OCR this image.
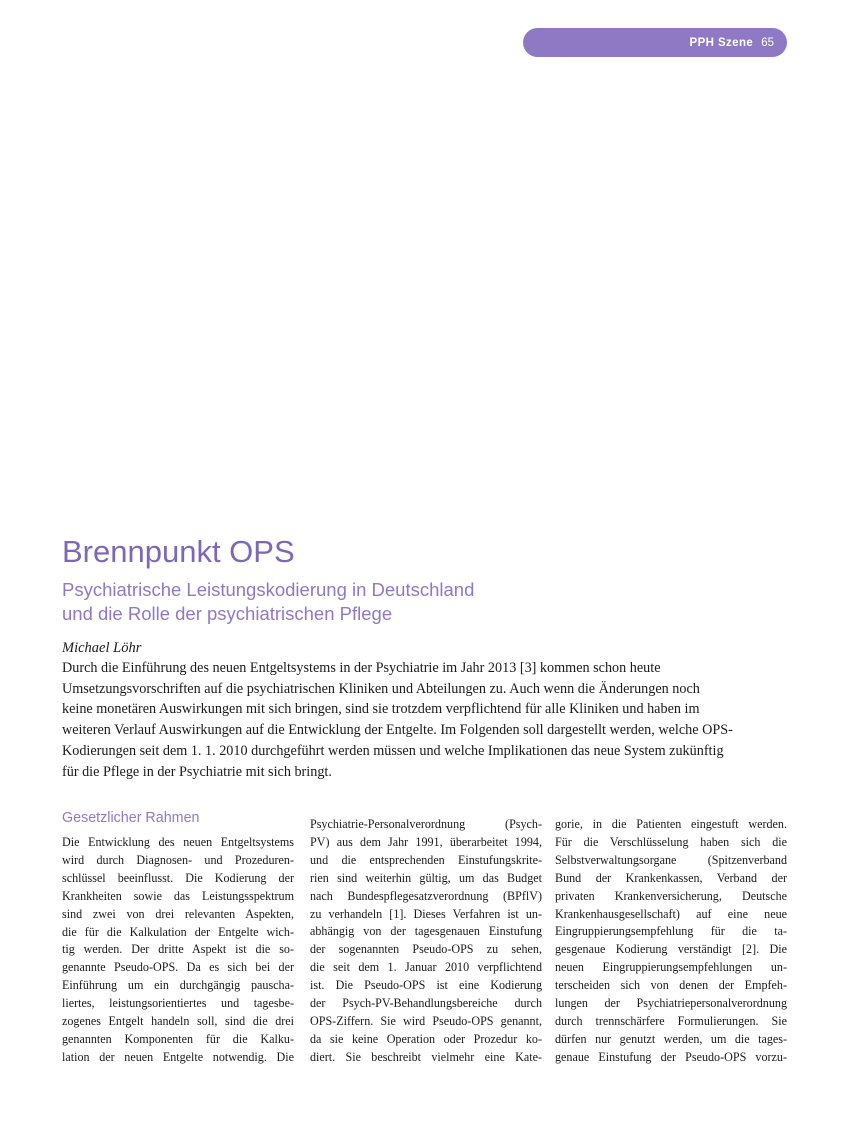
PPH Szene 65
Brennpunkt OPS
Psychiatrische Leistungskodierung in Deutschland
und die Rolle der psychiatrischen Pflege
Michael Löhr
Durch die Einführung des neuen Entgeltsystems in der Psychiatrie im Jahr 2013 [3] kommen schon heute
Umsetzungsvorschriften auf die psychiatrischen Kliniken und Abteilungen zu. Auch wenn die Änderungen noch
keine monetären Auswirkungen mit sich bringen, sind sie trotzdem verpflichtend für alle Kliniken und haben im
weiteren Verlauf Auswirkungen auf die Entwicklung der Entgelte. Im Folgenden soll dargestellt werden, welche OPS-
Kodierungen seit dem 1. 1. 2010 durchgeführt werden müssen und welche Implikationen das neue System zukünftig
für die Pflege in der Psychiatrie mit sich bringt.
Gesetzlicher Rahmen
Die Entwicklung des neuen Entgeltsystems
wird durch Diagnosen- und Prozeduren-
schlüssel beeinflusst. Die Kodierung der
Krankheiten sowie das Leistungsspektrum
sind zwei von drei relevanten Aspekten,
die für die Kalkulation der Entgelte wich-
tig werden. Der dritte Aspekt ist die so-
genannte Pseudo-OPS. Da es sich bei der
Einführung um ein durchgängig pauscha-
liertes, leistungsorientiertes und tagesbe-
zogenes Entgelt handeln soll, sind die drei
genannten Komponenten für die Kalku-
lation der neuen Entgelte notwendig. Die
Psychiatrie-Personalverordnung (Psych-
PV) aus dem Jahr 1991, überarbeitet 1994,
und die entsprechenden Einstufungskrite-
rien sind weiterhin gültig, um das Budget
nach Bundespflegesatzverordnung (BPflV)
zu verhandeln [1]. Dieses Verfahren ist un-
abhängig von der tagesgenauen Einstufung
der sogenannten Pseudo-OPS zu sehen,
die seit dem 1. Januar 2010 verpflichtend
ist. Die Pseudo-OPS ist eine Kodierung
der Psych-PV-Behandlungsbereiche durch
OPS-Ziffern. Sie wird Pseudo-OPS genannt,
da sie keine Operation oder Prozedur ko-
diert. Sie beschreibt vielmehr eine Kate-
gorie, in die Patienten eingestuft werden.
Für die Verschlüsselung haben sich die
Selbstverwaltungsorgane (Spitzenverband
Bund der Krankenkassen, Verband der
privaten Krankenversicherung, Deutsche
Krankenhausgesellschaft) auf eine neue
Eingruppierungsempfehlung für die ta-
gesgenaue Kodierung verständigt [2]. Die
neuen Eingruppierungsempfehlungen un-
terscheiden sich von denen der Empfeh-
lungen der Psychiatriepersonalverordnung
durch trennschärfere Formulierungen. Sie
dürfen nur genutzt werden, um die tages-
genaue Einstufung der Pseudo-OPS vorzu-
